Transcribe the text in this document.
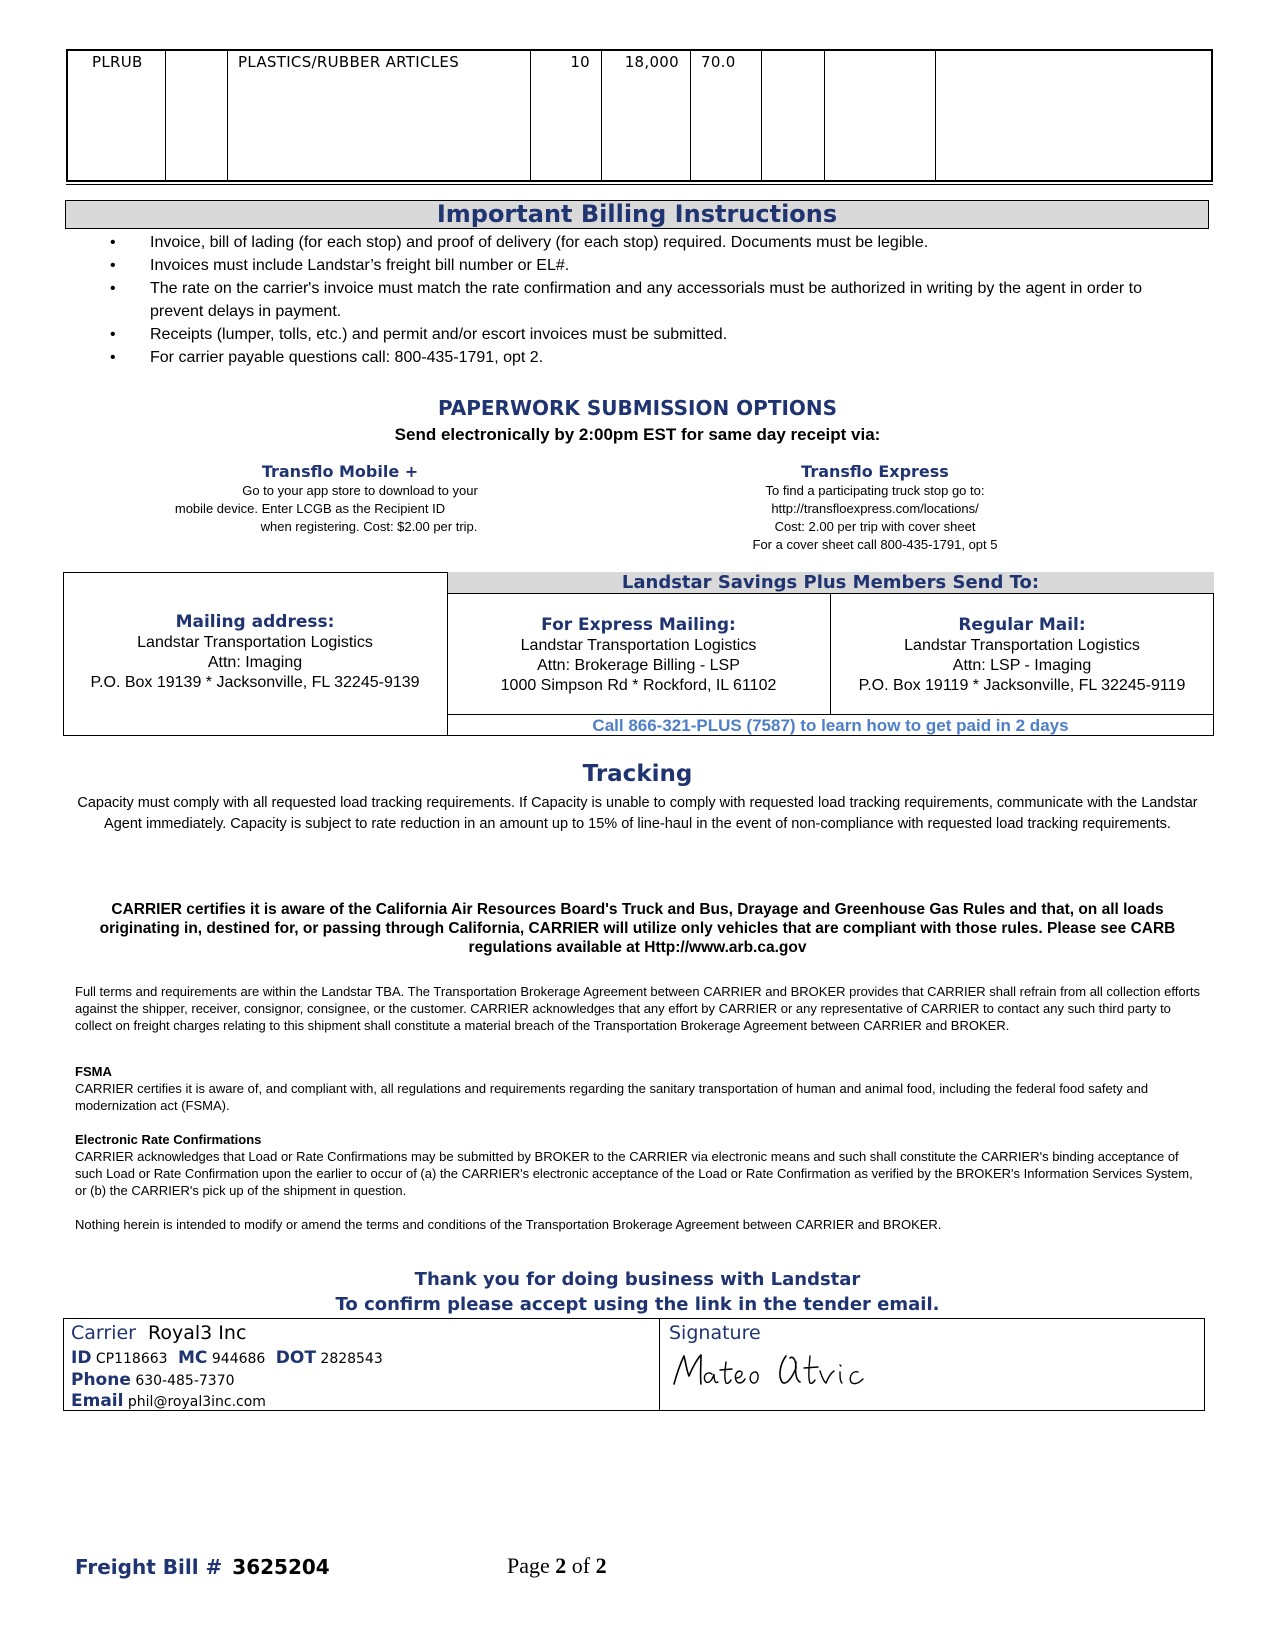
PLRUB	PLASTICS/RUBBER ARTICLES	10	18,000 70.0
Important Billing Instructions
• Invoice, bill of lading (for each stop) and proof of delivery (for each stop) required. Documents must be legible.
• Invoices must include Landstar’s freight bill number or EL#.
• The rate on the carrier's invoice must match the rate confirmation and any accessorials must be authorized in writing by the agent in order to prevent delays in payment.
• Receipts (lumper, tolls, etc.) and permit and/or escort invoices must be submitted.
• For carrier payable questions call: 800-435-1791, opt 2.
PAPERWORK SUBMISSION OPTIONS
Send electronically by 2:00pm EST for same day receipt via:
Transflo Mobile +
Go to your app store to download to your
mobile device. Enter LCGB as the Recipient ID
when registering. Cost: $2.00 per trip.
Transflo Express
To find a participating truck stop go to:
http://transfloexpress.com/locations/
Cost: 2.00 per trip with cover sheet
For a cover sheet call 800-435-1791, opt 5
Landstar Savings Plus Members Send To:
Mailing address:
Landstar Transportation Logistics
Attn: Imaging
P.O. Box 19139 * Jacksonville, FL 32245-9139
For Express Mailing:
Landstar Transportation Logistics
Attn: Brokerage Billing - LSP
1000 Simpson Rd * Rockford, IL 61102
Regular Mail:
Landstar Transportation Logistics
Attn: LSP - Imaging
P.O. Box 19119 * Jacksonville, FL 32245-9119
Call 866-321-PLUS (7587) to learn how to get paid in 2 days
Tracking
Capacity must comply with all requested load tracking requirements. If Capacity is unable to comply with requested load tracking requirements, communicate with the Landstar Agent immediately. Capacity is subject to rate reduction in an amount up to 15% of line-haul in the event of non-compliance with requested load tracking requirements.
CARRIER certifies it is aware of the California Air Resources Board's Truck and Bus, Drayage and Greenhouse Gas Rules and that, on all loads originating in, destined for, or passing through California, CARRIER will utilize only vehicles that are compliant with those rules. Please see CARB regulations available at Http://www.arb.ca.gov
Full terms and requirements are within the Landstar TBA. The Transportation Brokerage Agreement between CARRIER and BROKER provides that CARRIER shall refrain from all collection efforts against the shipper, receiver, consignor, consignee, or the customer. CARRIER acknowledges that any effort by CARRIER or any representative of CARRIER to contact any such third party to collect on freight charges relating to this shipment shall constitute a material breach of the Transportation Brokerage Agreement between CARRIER and BROKER.
FSMA
CARRIER certifies it is aware of, and compliant with, all regulations and requirements regarding the sanitary transportation of human and animal food, including the federal food safety and modernization act (FSMA).
Electronic Rate Confirmations
CARRIER acknowledges that Load or Rate Confirmations may be submitted by BROKER to the CARRIER via electronic means and such shall constitute the CARRIER's binding acceptance of such Load or Rate Confirmation upon the earlier to occur of (a) the CARRIER's electronic acceptance of the Load or Rate Confirmation as verified by the BROKER's Information Services System, or (b) the CARRIER's pick up of the shipment in question.
Nothing herein is intended to modify or amend the terms and conditions of the Transportation Brokerage Agreement between CARRIER and BROKER.
Thank you for doing business with Landstar
To confirm please accept using the link in the tender email.
Carrier Royal3 Inc
ID CP118663 MC 944686 DOT 2828543
Phone 630-485-7370
Email phil@royal3inc.com
Signature
Freight Bill # 3625204	Page 2 of 2
